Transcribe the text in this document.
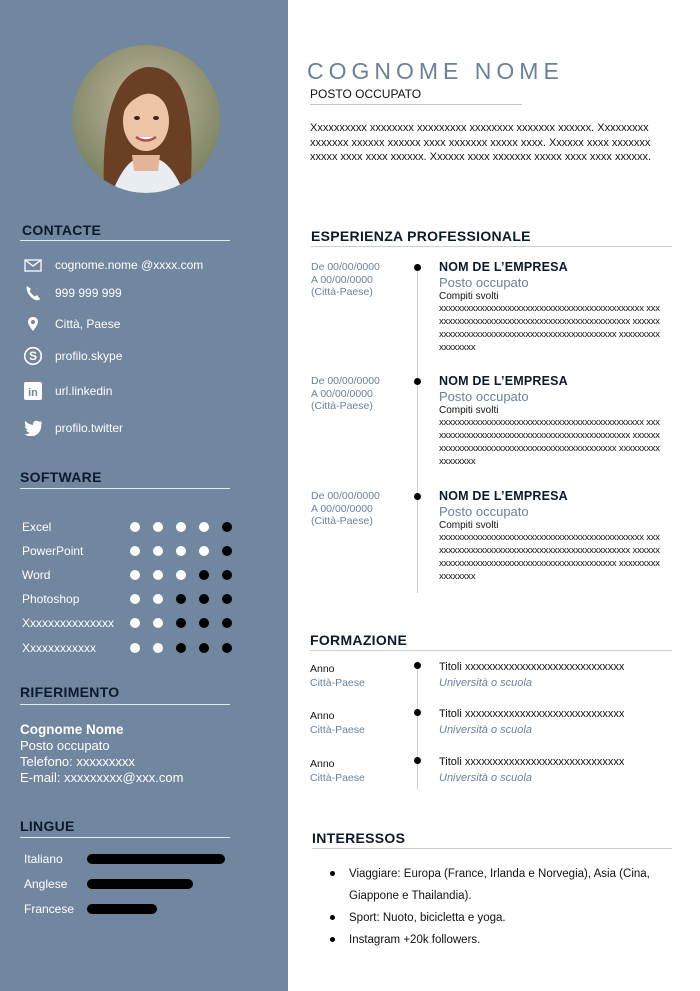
CONTACTE
cognome.nome @xxxx.com
999 999 999
Città, Paese
S profilo.skype
in url.linkedin
profilo.twitter
SOFTWARE
Excel
PowerPoint
Word
Photoshop
Xxxxxxxxxxxxxxx
Xxxxxxxxxxxx
RIFERIMENTO
Cognome Nome
Posto occupato
Telefono: xxxxxxxxx
E-mail: xxxxxxxxx@xxx.com
LINGUE
Italiano
Anglese
Francese
COGNOME NOME
POSTO OCCUPATO
Xxxxxxxxxx xxxxxxxx xxxxxxxxx xxxxxxxx xxxxxxx xxxxxx. Xxxxxxxxx xxxxxxx xxxxxx xxxxxx xxxx xxxxxxx xxxxx xxxx. Xxxxxx xxxx xxxxxxx xxxxx xxxx xxxx xxxxxx. Xxxxxx xxxx xxxxxxx xxxxx xxxx xxxx xxxxxx.
ESPERIENZA PROFESSIONALE
De 00/00/0000
A 00/00/0000
(Città-Paese)
NOM DE L’EMPRESA
Posto occupato
Compiti svolti
xxxxxxxxxxxxxxxxxxxxxxxxxxxxxxxxxxxxxxxxxxxxx xxxxxxxxxxxxxxxxxxxxxxxxxxxxxxxxxxxxxxxxxxxxx xxxxxxxxxxxxxxxxxxxxxxxxxxxxxxxxxxxxxxxxxxxxx xxxxxxxxxxxxxxxxx
De 00/00/0000
A 00/00/0000
(Città-Paese)
NOM DE L’EMPRESA
Posto occupato
Compiti svolti
xxxxxxxxxxxxxxxxxxxxxxxxxxxxxxxxxxxxxxxxxxxxx xxxxxxxxxxxxxxxxxxxxxxxxxxxxxxxxxxxxxxxxxxxxx xxxxxxxxxxxxxxxxxxxxxxxxxxxxxxxxxxxxxxxxxxxxx xxxxxxxxxxxxxxxxx
De 00/00/0000
A 00/00/0000
(Città-Paese)
NOM DE L’EMPRESA
Posto occupato
Compiti svolti
xxxxxxxxxxxxxxxxxxxxxxxxxxxxxxxxxxxxxxxxxxxxx xxxxxxxxxxxxxxxxxxxxxxxxxxxxxxxxxxxxxxxxxxxxx xxxxxxxxxxxxxxxxxxxxxxxxxxxxxxxxxxxxxxxxxxxxx xxxxxxxxxxxxxxxxx
FORMAZIONE
Anno
Città-Paese
Titoli xxxxxxxxxxxxxxxxxxxxxxxxxxxxx
Università o scuola
Anno
Città-Paese
Titoli xxxxxxxxxxxxxxxxxxxxxxxxxxxxx
Università o scuola
Anno
Città-Paese
Titoli xxxxxxxxxxxxxxxxxxxxxxxxxxxxx
Università o scuola
INTERESSOS
Viaggiare: Europa (France, Irlanda e Norvegia), Asia (Cina, Giappone e Thailandia).
Sport: Nuoto, bicicletta e yoga.
Instagram +20k followers.
